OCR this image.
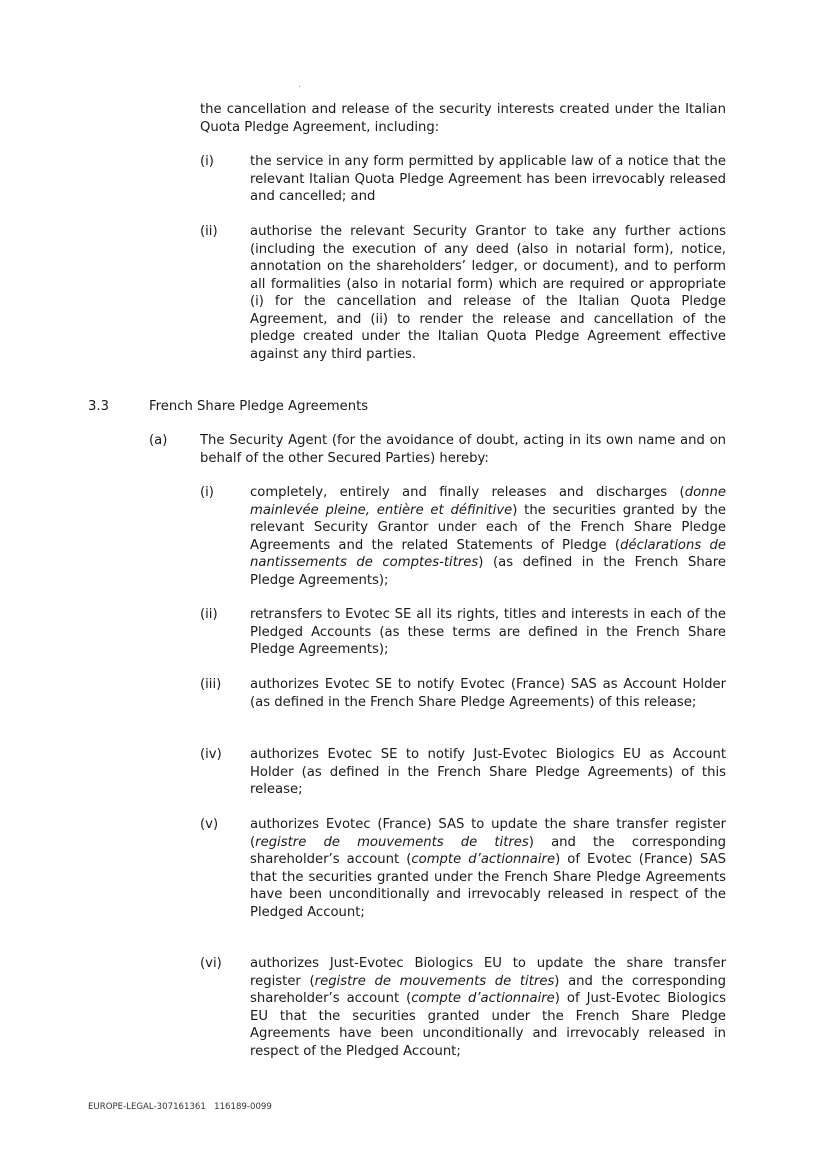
the cancellation and release of the security interests created under the Italian Quota Pledge Agreement, including:

(i)	the service in any form permitted by applicable law of a notice that the relevant Italian Quota Pledge Agreement has been irrevocably released and cancelled; and

(ii) authorise the relevant Security Grantor to take any further actions (including the execution of any deed (also in notarial form), notice, annotation on the shareholders’ ledger, or document), and to perform all formalities (also in notarial form) which are required or appropriate (i) for the cancellation and release of the Italian Quota Pledge Agreement, and (ii) to render the release and cancellation of the pledge created under the Italian Quota Pledge Agreement effective against any third parties.

3.3	French Share Pledge Agreements

(a) The Security Agent (for the avoidance of doubt, acting in its own name and on behalf of the other Secured Parties) hereby:

(i)	completely, entirely and finally releases and discharges (donne mainlevée pleine, entière et définitive) the securities granted by the relevant Security Grantor under each of the French Share Pledge Agreements and the related Statements of Pledge (déclarations de nantissements de comptes-titres) (as defined in the French Share Pledge Agreements);

(ii) retransfers to Evotec SE all its rights, titles and interests in each of the Pledged Accounts (as these terms are defined in the French Share Pledge Agreements);

(iii) authorizes Evotec SE to notify Evotec (France) SAS as Account Holder (as defined in the French Share Pledge Agreements) of this release;

(iv) authorizes Evotec SE to notify Just-Evotec Biologics EU as Account Holder (as defined in the French Share Pledge Agreements) of this release;

(v) authorizes Evotec (France) SAS to update the share transfer register (registre de mouvements de titres) and the corresponding shareholder’s account (compte d’actionnaire) of Evotec (France) SAS that the securities granted under the French Share Pledge Agreements have been unconditionally and irrevocably released in respect of the Pledged Account;

(vi) authorizes Just-Evotec Biologics EU to update the share transfer register (registre de mouvements de titres) and the corresponding shareholder’s account (compte d’actionnaire) of Just-Evotec Biologics EU that the securities granted under the French Share Pledge Agreements have been unconditionally and irrevocably released in respect of the Pledged Account;

EUROPE-LEGAL-307161361 116189-0099
